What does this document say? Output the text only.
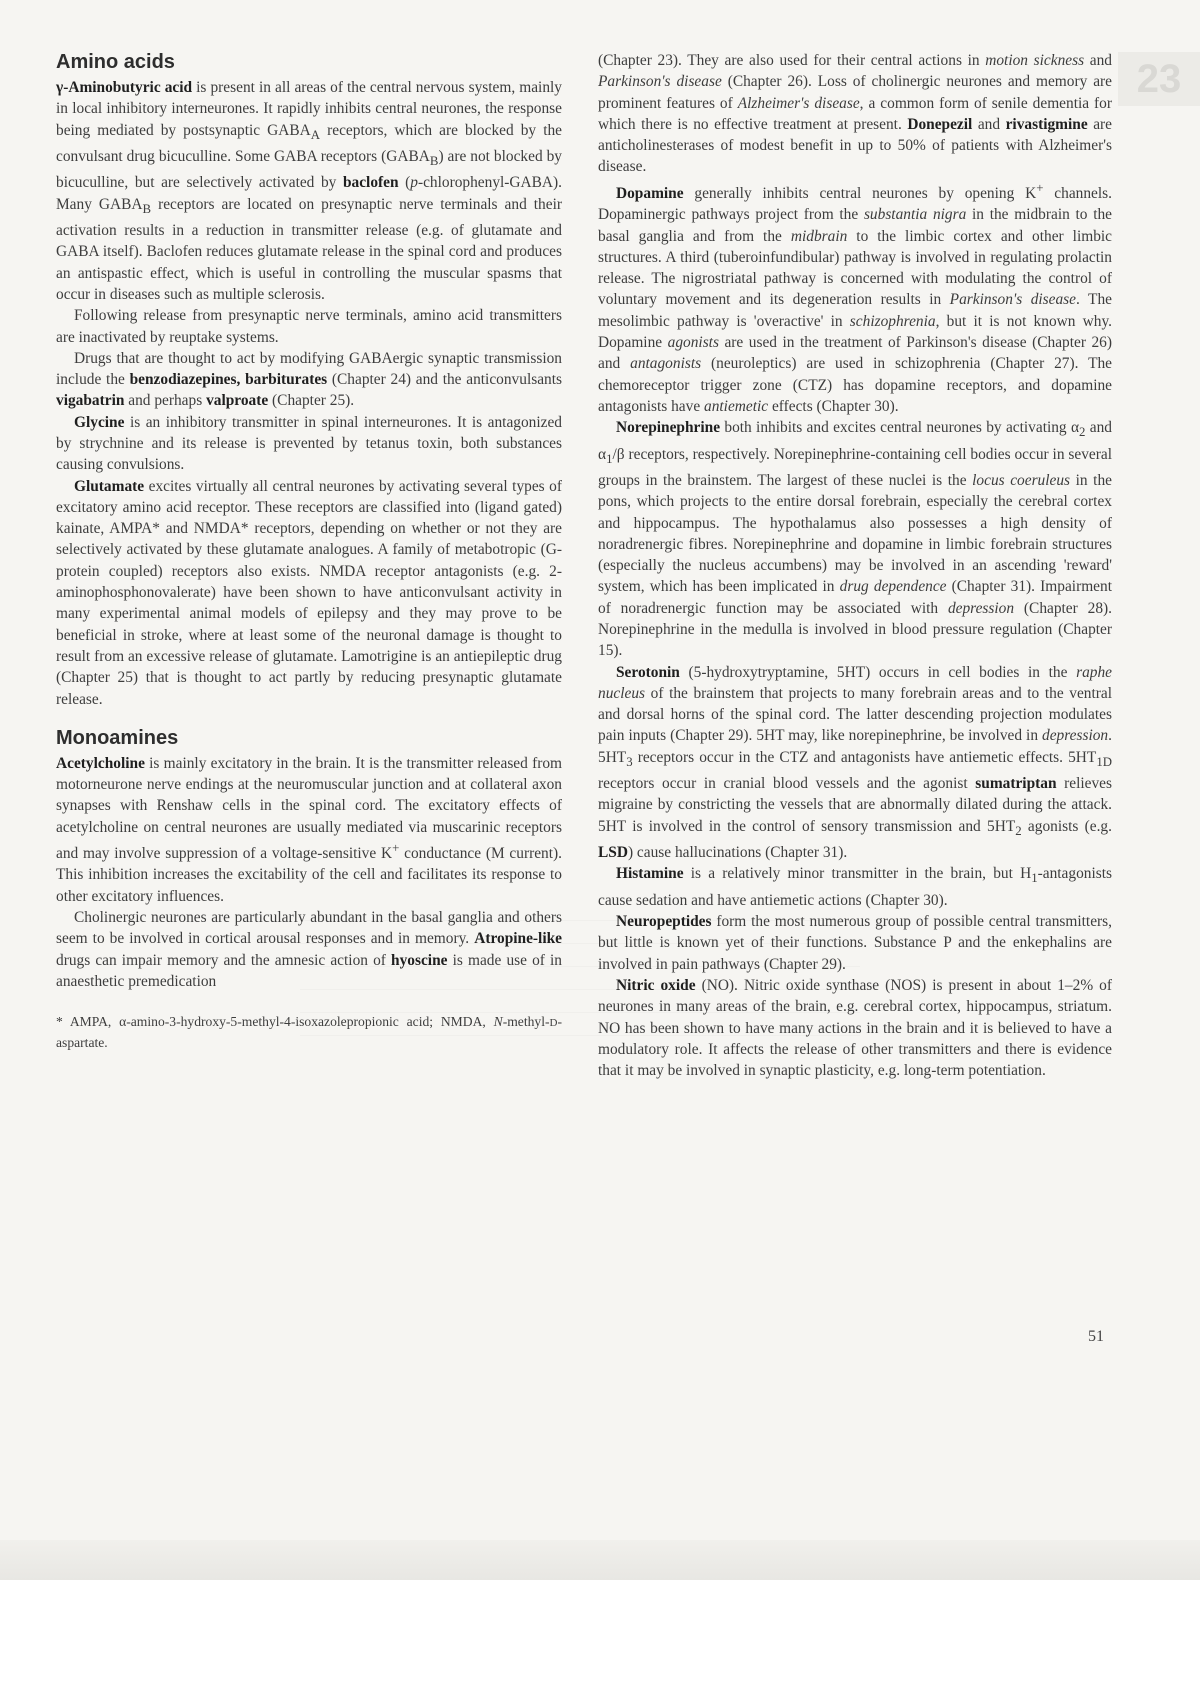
23
Amino acids

γ-Aminobutyric acid is present in all areas of the central nervous system, mainly in local inhibitory interneurones. It rapidly inhibits central neurones, the response being mediated by postsynaptic $GABA_A$ receptors, which are blocked by the convulsant drug bicuculline. Some GABA receptors $(GABA_B)$ are not blocked by bicuculline, but are selectively activated by baclofen (p-chlorophenyl-GABA). Many $GABA_B$ receptors are located on presynaptic nerve terminals and their activation results in a reduction in transmitter release (e.g. of glutamate and GABA itself). Baclofen reduces glutamate release in the spinal cord and produces an antispastic effect, which is useful in controlling the muscular spasms that occur in diseases such as multiple sclerosis.

Following release from presynaptic nerve terminals, amino acid transmitters are inactivated by reuptake systems.

Drugs that are thought to act by modifying GABAergic synaptic transmission include the benzodiazepines, barbiturates (Chapter 24) and the anticonvulsants vigabatrin and perhaps valproate (Chapter 25).

Glycine is an inhibitory transmitter in spinal interneurones. It is antagonized by strychnine and its release is prevented by tetanus toxin, both substances causing convulsions.

Glutamate excites virtually all central neurones by activating several types of excitatory amino acid receptor. These receptors are classified into (ligand gated) kainate, AMPA* and NMDA* receptors, depending on whether or not they are selectively activated by these glutamate analogues. A family of metabotropic (G-protein coupled) receptors also exists. NMDA receptor antagonists (e.g. 2-aminophosphonovalerate) have been shown to have anticonvulsant activity in many experimental animal models of epilepsy and they may prove to be beneficial in stroke, where at least some of the neuronal damage is thought to result from an excessive release of glutamate. Lamotrigine is an antiepileptic drug (Chapter 25) that is thought to act partly by reducing presynaptic glutamate release.

Monoamines

Acetylcholine is mainly excitatory in the brain. It is the transmitter released from motorneurone nerve endings at the neuromuscular junction and at collateral axon synapses with Renshaw cells in the spinal cord. The excitatory effects of acetylcholine on central neurones are usually mediated via muscarinic receptors and may involve suppression of a voltage-sensitive K+ conductance (M current). This inhibition increases the excitability of the cell and facilitates its response to other excitatory influences.

Cholinergic neurones are particularly abundant in the basal ganglia and others seem to be involved in cortical arousal responses and in memory. Atropine-like drugs can impair memory and the amnesic action of hyoscine is made use of in anaesthetic premedication

* AMPA, α-amino-3-hydroxy-5-methyl-4-isoxazolepropionic acid; NMDA, N-methyl-D-aspartate.

(Chapter 23). They are also used for their central actions in motion sickness and Parkinson's disease (Chapter 26). Loss of cholinergic neurones and memory are prominent features of Alzheimer's disease, a common form of senile dementia for which there is no effective treatment at present. Donepezil and rivastigmine are anticholinesterases of modest benefit in up to 50% of patients with Alzheimer's disease.

Dopamine generally inhibits central neurones by opening K+ channels. Dopaminergic pathways project from the substantia nigra in the midbrain to the basal ganglia and from the midbrain to the limbic cortex and other limbic structures. A third (tuberoinfundibular) pathway is involved in regulating prolactin release. The nigrostriatal pathway is concerned with modulating the control of voluntary movement and its degeneration results in Parkinson's disease. The mesolimbic pathway is 'overactive' in schizophrenia, but it is not known why. Dopamine agonists are used in the treatment of Parkinson's disease (Chapter 26) and antagonists (neuroleptics) are used in schizophrenia (Chapter 27). The chemoreceptor trigger zone (CTZ) has dopamine receptors, and dopamine antagonists have antiemetic effects (Chapter 30).

Norepinephrine both inhibits and excites central neurones by activating $\alpha_2$ and $\alpha_1/\beta$ receptors, respectively. Norepinephrine-containing cell bodies occur in several groups in the brainstem. The largest of these nuclei is the locus coeruleus in the pons, which projects to the entire dorsal forebrain, especially the cerebral cortex and hippocampus. The hypothalamus also possesses a high density of noradrenergic fibres. Norepinephrine and dopamine in limbic forebrain structures (especially the nucleus accumbens) may be involved in an ascending 'reward' system, which has been implicated in drug dependence (Chapter 31). Impairment of noradrenergic function may be associated with depression (Chapter 28). Norepinephrine in the medulla is involved in blood pressure regulation (Chapter 15).

Serotonin (5-hydroxytryptamine, 5HT) occurs in cell bodies in the raphe nucleus of the brainstem that projects to many forebrain areas and to the ventral and dorsal horns of the spinal cord. The latter descending projection modulates pain inputs (Chapter 29). 5HT may, like norepinephrine, be involved in depression. $5HT_3$ receptors occur in the CTZ and antagonists have antiemetic effects. $5HT_{1D}$ receptors occur in cranial blood vessels and the agonist sumatriptan relieves migraine by constricting the vessels that are abnormally dilated during the attack. 5HT is involved in the control of sensory transmission and $5HT_2$ agonists (e.g. LSD) cause hallucinations (Chapter 31).

Histamine is a relatively minor transmitter in the brain, but $H_1$-antagonists cause sedation and have antiemetic actions (Chapter 30).

Neuropeptides form the most numerous group of possible central transmitters, but little is known yet of their functions. Substance P and the enkephalins are involved in pain pathways (Chapter 29).

Nitric oxide (NO). Nitric oxide synthase (NOS) is present in about 1–2% of neurones in many areas of the brain, e.g. cerebral cortex, hippocampus, striatum. NO has been shown to have many actions in the brain and it is believed to have a modulatory role. It affects the release of other transmitters and there is evidence that it may be involved in synaptic plasticity, e.g. long-term potentiation.

51
